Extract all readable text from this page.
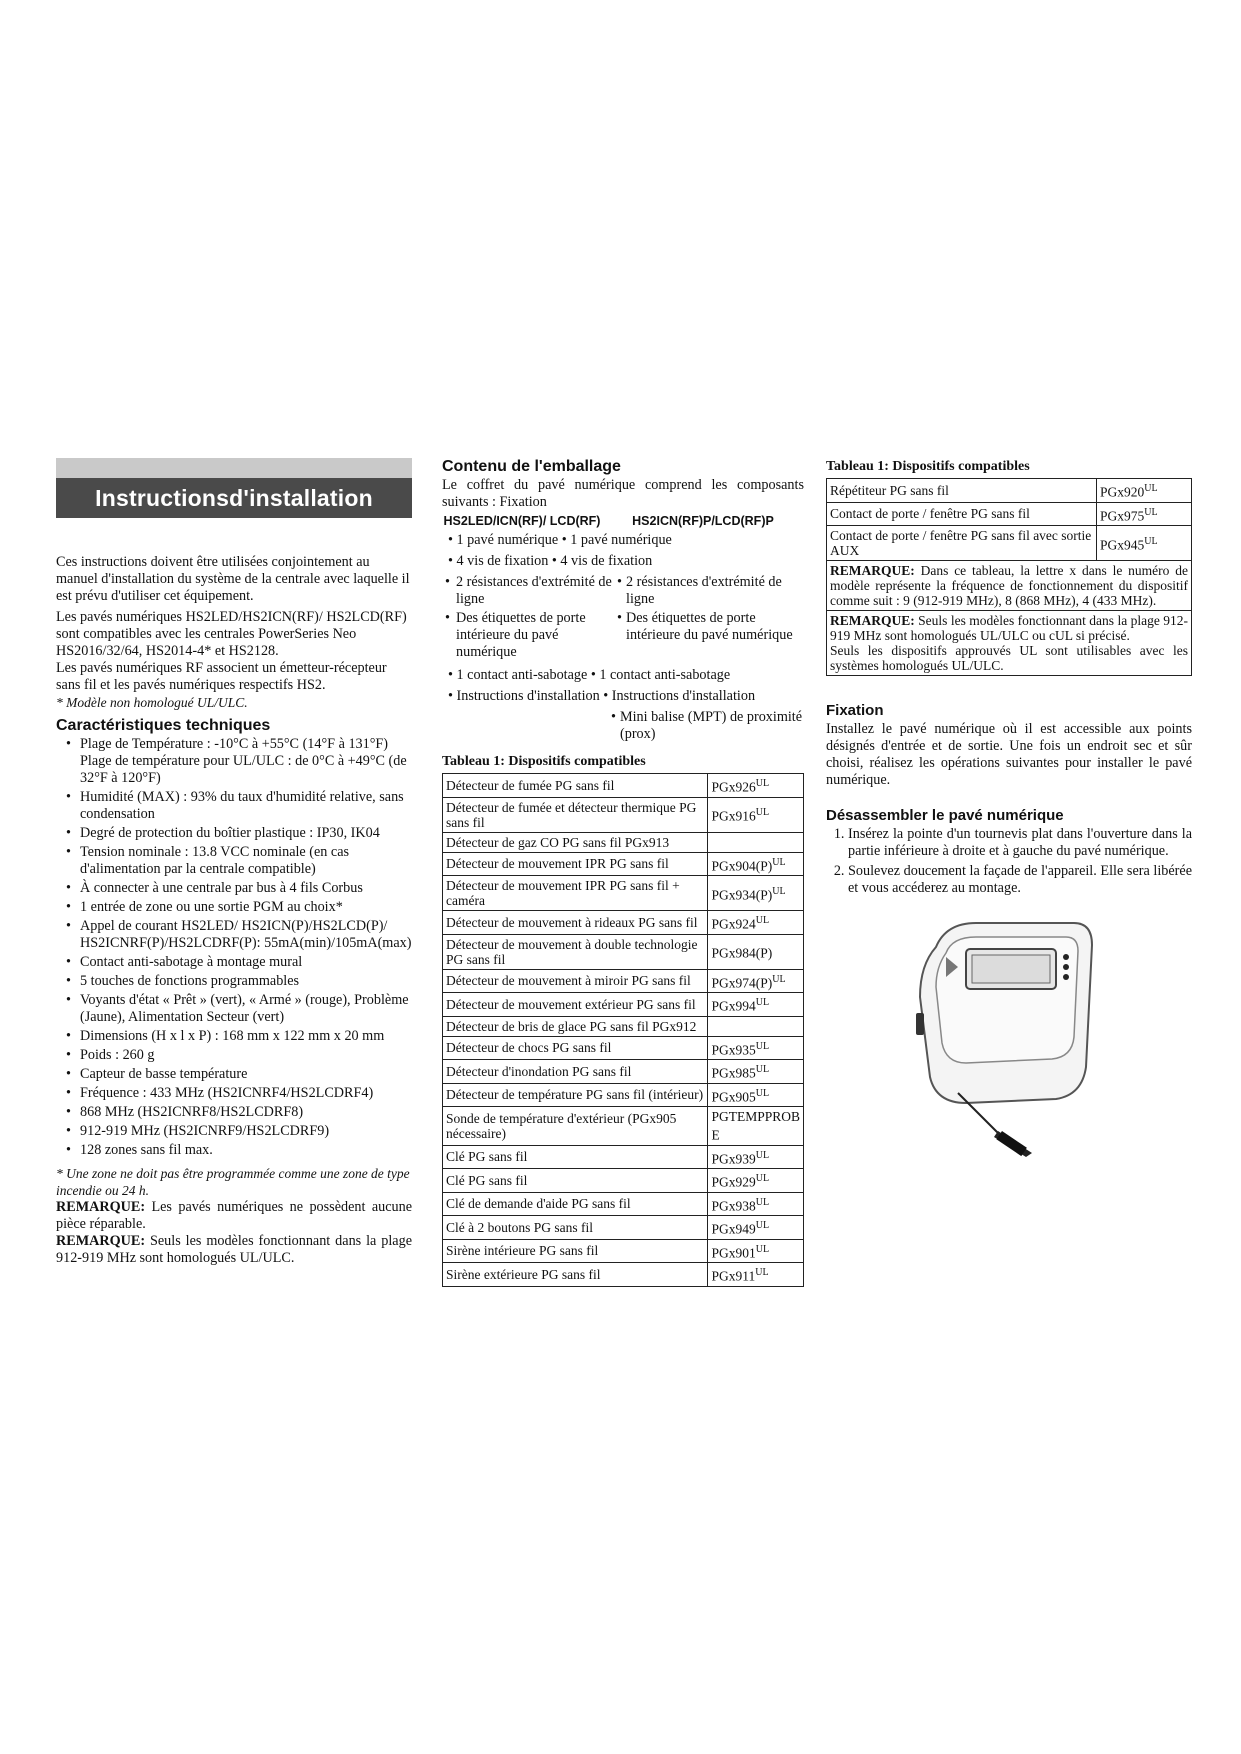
Instructionsd'installation

Ces instructions doivent être utilisées conjointement au manuel d'installation du système de la centrale avec laquelle il est prévu d'utiliser cet équipement.

Les pavés numériques HS2LED/HS2ICN(RF)/ HS2LCD(RF) sont compatibles avec les centrales PowerSeries Neo HS2016/32/64, HS2014-4* et HS2128.

Les pavés numériques RF associent un émetteur-récepteur sans fil et les pavés numériques respectifs HS2.

* Modèle non homologué UL/ULC.

Caractéristiques techniques
• Plage de Température : -10°C à +55°C (14°F à 131°F) Plage de température pour UL/ULC : de 0°C à +49°C (de 32°F à 120°F)
• Humidité (MAX) : 93% du taux d'humidité relative, sans condensation
• Degré de protection du boîtier plastique : IP30, IK04
• Tension nominale : 13.8 VCC nominale (en cas d'alimentation par la centrale compatible)
• À connecter à une centrale par bus à 4 fils Corbus
• 1 entrée de zone ou une sortie PGM au choix*
• Appel de courant HS2LED/ HS2ICN(P)/HS2LCD(P)/ HS2ICNRF(P)/HS2LCDRF(P): 55mA(min)/105mA(max)
• Contact anti-sabotage à montage mural
• 5 touches de fonctions programmables
• Voyants d'état « Prêt » (vert), « Armé » (rouge), Problème (Jaune), Alimentation Secteur (vert)
• Dimensions (H x l x P) : 168 mm x 122 mm x 20 mm
• Poids : 260 g
• Capteur de basse température
• Fréquence : 433 MHz (HS2ICNRF4/HS2LCDRF4)
• 868 MHz (HS2ICNRF8/HS2LCDRF8)
• 912-919 MHz (HS2ICNRF9/HS2LCDRF9)
• 128 zones sans fil max.

* Une zone ne doit pas être programmée comme une zone de type incendie ou 24 h.

REMARQUE: Les pavés numériques ne possèdent aucune pièce réparable.

REMARQUE: Seuls les modèles fonctionnant dans la plage 912-919 MHz sont homologués UL/ULC.

Contenu de l'emballage

Le coffret du pavé numérique comprend les composants suivants : Fixation

HS2LED/ICN(RF)/ LCD(RF)	HS2ICN(RF)P/LCD(RF)P
• 1 pavé numérique • 1 pavé numérique
• 4 vis de fixation • 4 vis de fixation
• 2 résistances d'extrémité de ligne
• 2 résistances d'extrémité de ligne
• Des étiquettes de porte intérieure du pavé numérique
• Des étiquettes de porte intérieure du pavé numérique
• 1 contact anti-sabotage • 1 contact anti-sabotage
• Instructions d'installation • Instructions d'installation
• Mini balise (MPT) de proximité (prox)
Tableau 1: Dispositifs compatibles
Détecteur de fumée PG sans fil	$PGx926^{UL}$
Détecteur de fumée et détecteur thermique PG sans fil	$PGx916^{UL}$
Détecteur de gaz CO PG sans fil PGx913	
Détecteur de mouvement IPR PG sans fil	$PGx904(P)^{UL}$
Détecteur de mouvement IPR PG sans fil + caméra	$PGx934(P)^{UL}$
Détecteur de mouvement à rideaux PG sans fil	$PGx924^{UL}$
Détecteur de mouvement à double technologie PG sans fil	PGx984(P)
Détecteur de mouvement à miroir PG sans fil	$PGx974(P)^{UL}$
Détecteur de mouvement extérieur PG sans fil	$PGx994^{UL}$
Détecteur de bris de glace PG sans fil PGx912	
Détecteur de chocs PG sans fil	$PGx935^{UL}$
Détecteur d'inondation PG sans fil	$PGx985^{UL}$
Détecteur de température PG sans fil (intérieur)	$PGx905^{UL}$
Sonde de température d'extérieur (PGx905 nécessaire)	PGTEMPPROB E
Clé PG sans fil	$PGx939^{UL}$
Clé PG sans fil	$PGx929^{UL}$
Clé de demande d'aide PG sans fil	$PGx938^{UL}$
Clé à 2 boutons PG sans fil	$PGx949^{UL}$
Sirène intérieure PG sans fil	$PGx901^{UL}$
Sirène extérieure PG sans fil	$PGx911^{UL}$
Tableau 1: Dispositifs compatibles
Répétiteur PG sans fil	$PGx920^{UL}$
Contact de porte / fenêtre PG sans fil	$PGx975^{UL}$
Contact de porte / fenêtre PG sans fil avec sortie AUX	$PGx945^{UL}$
REMARQUE: Dans ce tableau, la lettre x dans le numéro de modèle représente la fréquence de fonctionnement du dispositif comme suit : 9 (912-919 MHz), 8 (868 MHz), 4 (433 MHz).
REMARQUE: Seuls les modèles fonctionnant dans la plage 912-919 MHz sont homologués UL/ULC ou cUL si précisé.
Seuls les dispositifs approuvés UL sont utilisables avec les systèmes homologués UL/ULC.
Fixation

Installez le pavé numérique où il est accessible aux points désignés d'entrée et de sortie. Une fois un endroit sec et sûr choisi, réalisez les opérations suivantes pour installer le pavé numérique.

Désassembler le pavé numérique
1. Insérez la pointe d'un tournevis plat dans l'ouverture dans la partie inférieure à droite et à gauche du pavé numérique.
2. Soulevez doucement la façade de l'appareil. Elle sera libérée et vous accéderez au montage.
